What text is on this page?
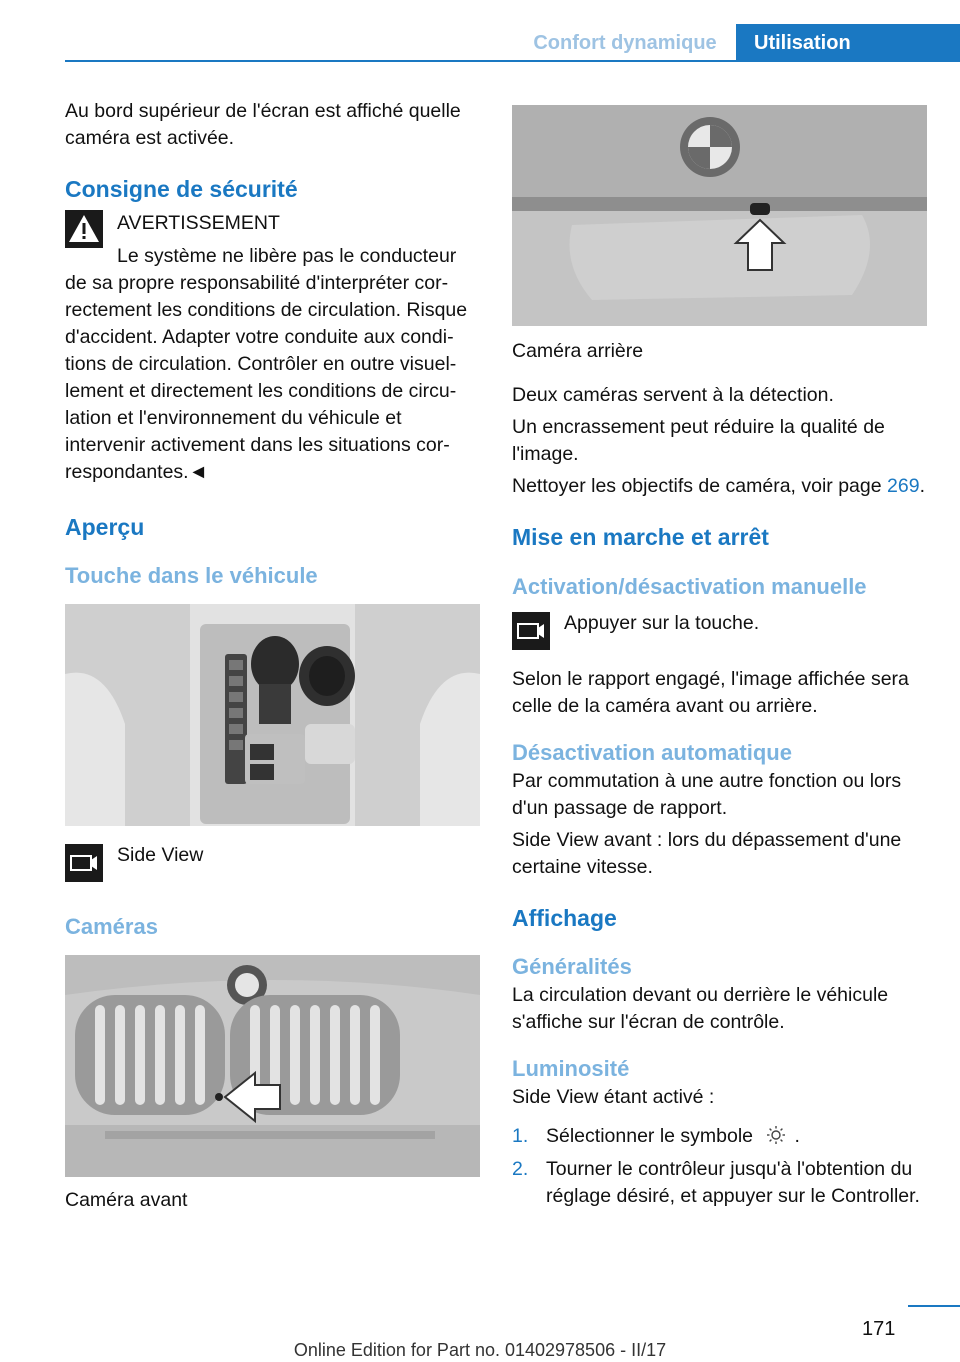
Confort dynamique	Utilisation

Au bord supérieur de l'écran est affiché quelle caméra est activée.

Consigne de sécurité

AVERTISSEMENT

Le système ne libère pas le conducteur

de sa propre responsabilité d'interpréter correctement les conditions de circulation. Risque d'accident. Adapter votre conduite aux conditions de circulation. Contrôler en outre visuellement et directement les conditions de circulation et l'environnement du véhicule et intervenir activement dans les situations correspondantes.◄

Aperçu
Touche dans le véhicule

Side View

Caméras

Caméra avant

Caméra arrière

Deux caméras servent à la détection.

Un encrassement peut réduire la qualité de l'image.

Nettoyer les objectifs de caméra, voir page 269.

Mise en marche et arrêt
Activation/désactivation manuelle

Appuyer sur la touche.

Selon le rapport engagé, l'image affichée sera celle de la caméra avant ou arrière.

Désactivation automatique

Par commutation à une autre fonction ou lors d'un passage de rapport.

Side View avant : lors du dépassement d'une certaine vitesse.

Affichage
Généralités

La circulation devant ou derrière le véhicule s'affiche sur l'écran de contrôle.

Luminosité

Side View étant activé :

1. Sélectionner le symbole .
2. Tourner le contrôleur jusqu'à l'obtention du réglage désiré, et appuyer sur le Controller.
171
Online Edition for Part no. 01402978506 - II/17
